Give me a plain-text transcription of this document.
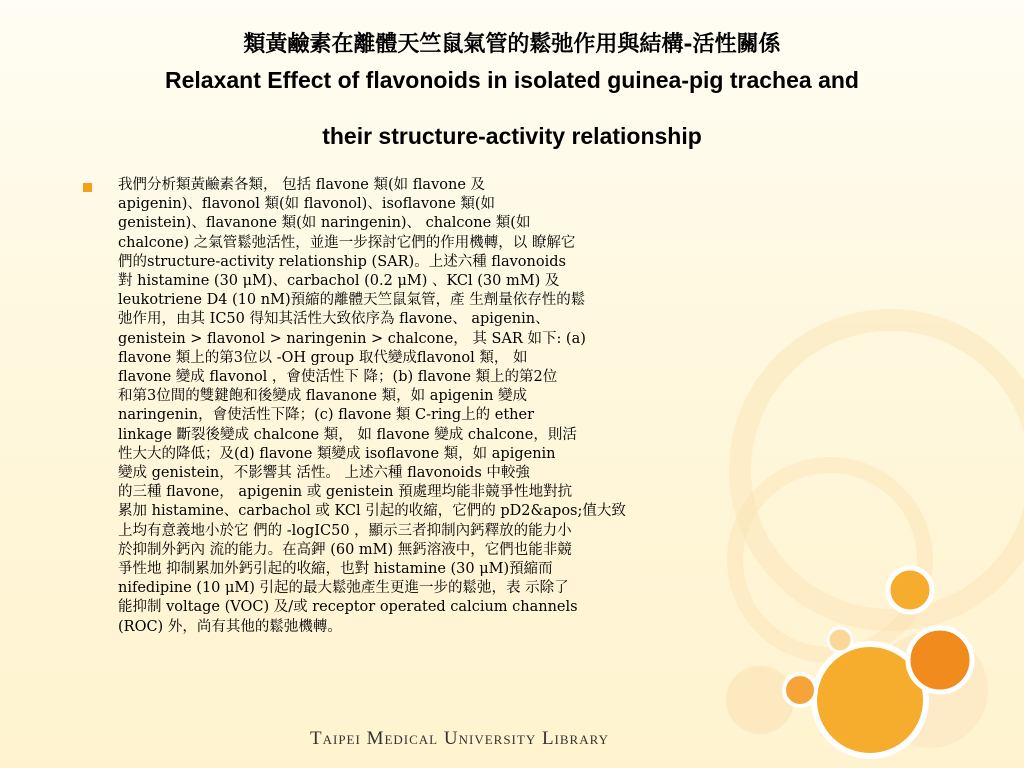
類黃鹼素在離體天竺鼠氣管的鬆弛作用與結構-活性關係
Relaxant Effect of flavonoids in isolated guinea-pig trachea and
their structure-activity relationship
我們分析類黃鹼素各類， 包括 flavone 類(如 flavone 及
apigenin)、flavonol 類(如 flavonol)、isoflavone 類(如
genistein)、flavanone 類(如 naringenin)、 chalcone 類(如
chalcone) 之氣管鬆弛活性，並進一步探討它們的作用機轉，以 瞭解它
們的structure-activity relationship (SAR)。上述六種 flavonoids
對 histamine (30 μM)、carbachol (0.2 μM) 、KCl (30 mM) 及
leukotriene D4 (10 nM)預縮的離體天竺鼠氣管，產 生劑量依存性的鬆
弛作用，由其 IC50 得知其活性大致依序為 flavone、 apigenin、
genistein > flavonol > naringenin > chalcone， 其 SAR 如下: (a)
flavone 類上的第3位以 -OH group 取代變成flavonol 類， 如
flavone 變成 flavonol ，會使活性下 降；(b) flavone 類上的第2位
和第3位間的雙鍵飽和後變成 flavanone 類，如 apigenin 變成
naringenin，會使活性下降；(c) flavone 類 C-ring上的 ether
linkage 斷裂後變成 chalcone 類， 如 flavone 變成 chalcone，則活
性大大的降低；及(d) flavone 類變成 isoflavone 類，如 apigenin
變成 genistein，不影響其 活性。 上述六種 flavonoids 中較強
的三種 flavone， apigenin 或 genistein 預處理均能非競爭性地對抗
累加 histamine、carbachol 或 KCl 引起的收縮，它們的 pD2&apos;值大致
上均有意義地小於它 們的 -logIC50 ，顯示三者抑制內鈣釋放的能力小
於抑制外鈣內 流的能力。在高鉀 (60 mM) 無鈣溶液中，它們也能非競
爭性地 抑制累加外鈣引起的收縮，也對 histamine (30 μM)預縮而
nifedipine (10 μM) 引起的最大鬆弛產生更進一步的鬆弛，表 示除了
能抑制 voltage (VOC) 及/或 receptor operated calcium channels
(ROC) 外，尚有其他的鬆弛機轉。
Taipei Medical University Library
